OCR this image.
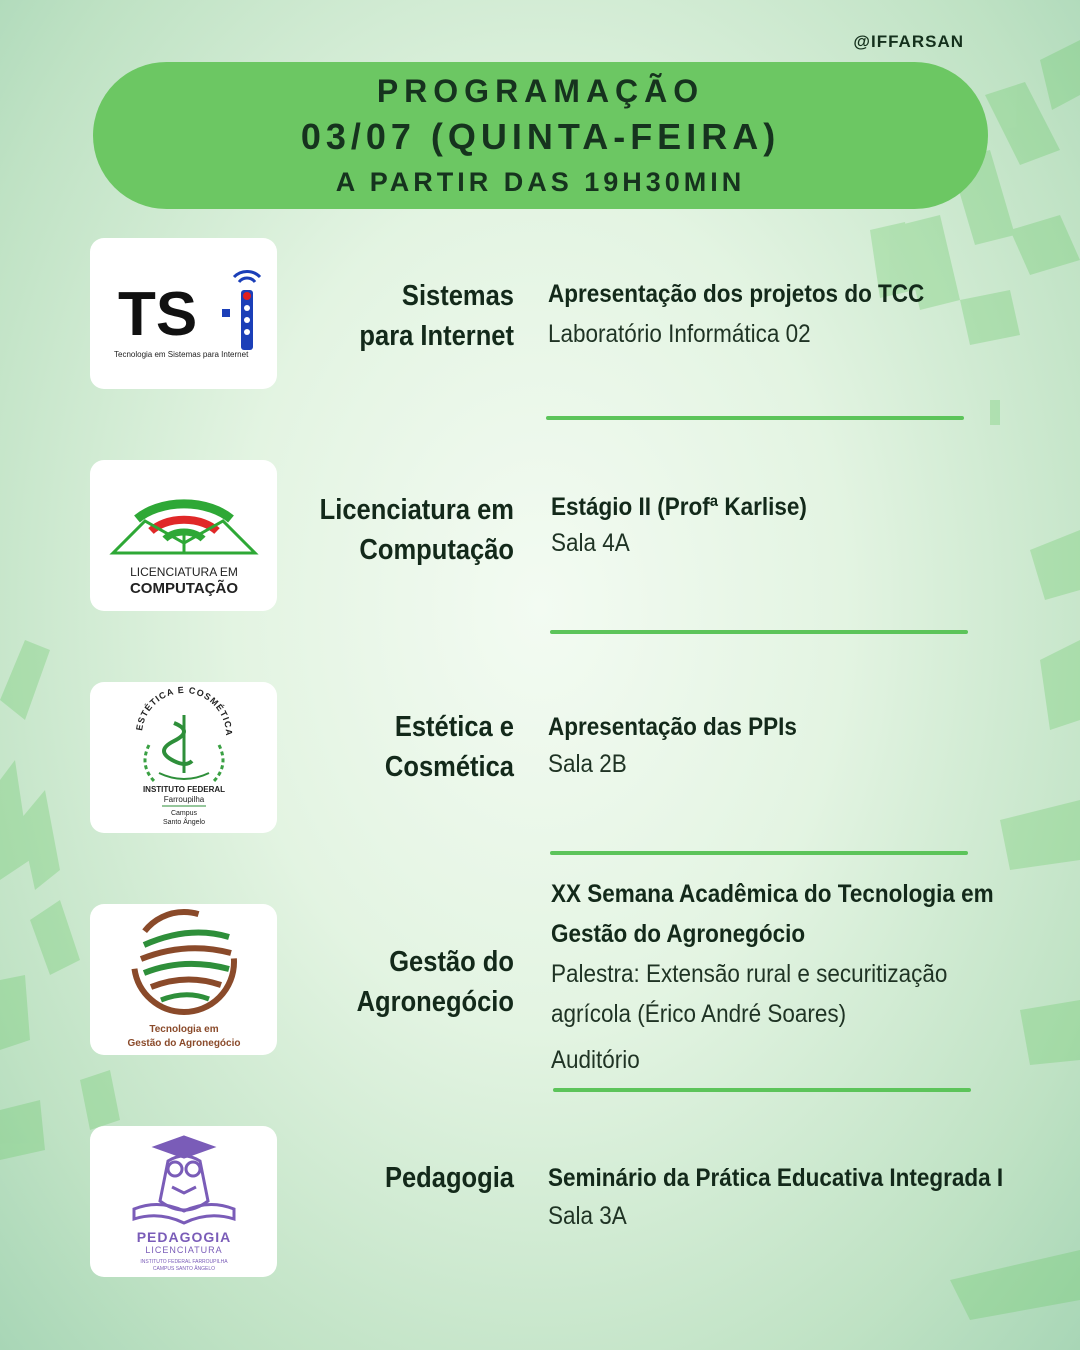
@IFFARSAN
PROGRAMAÇÃO
03/07 (QUINTA-FEIRA)
A PARTIR DAS 19H30MIN
TS
Tecnologia em Sistemas para Internet
Sistemas
para Internet
Apresentação dos projetos do TCC
Laboratório Informática 02
LICENCIATURA EM
COMPUTAÇÃO
Licenciatura em
Computação
Estágio II (Profª Karlise)
Sala 4A
ESTÉTICA E COSMÉTICA
INSTITUTO FEDERAL
Farroupilha
Campus
Santo Ângelo
Estética e
Cosmética
Apresentação das PPIs
Sala 2B
Tecnologia em
Gestão do Agronegócio
Gestão do
Agronegócio
XX Semana Acadêmica do Tecnologia em
Gestão do Agronegócio
Palestra: Extensão rural e securitização
agrícola (Érico André Soares)
Auditório
PEDAGOGIA
LICENCIATURA
INSTITUTO FEDERAL FARROUPILHA
CAMPUS SANTO ÂNGELO
Pedagogia Seminário da Prática Educativa Integrada I
Sala 3A
